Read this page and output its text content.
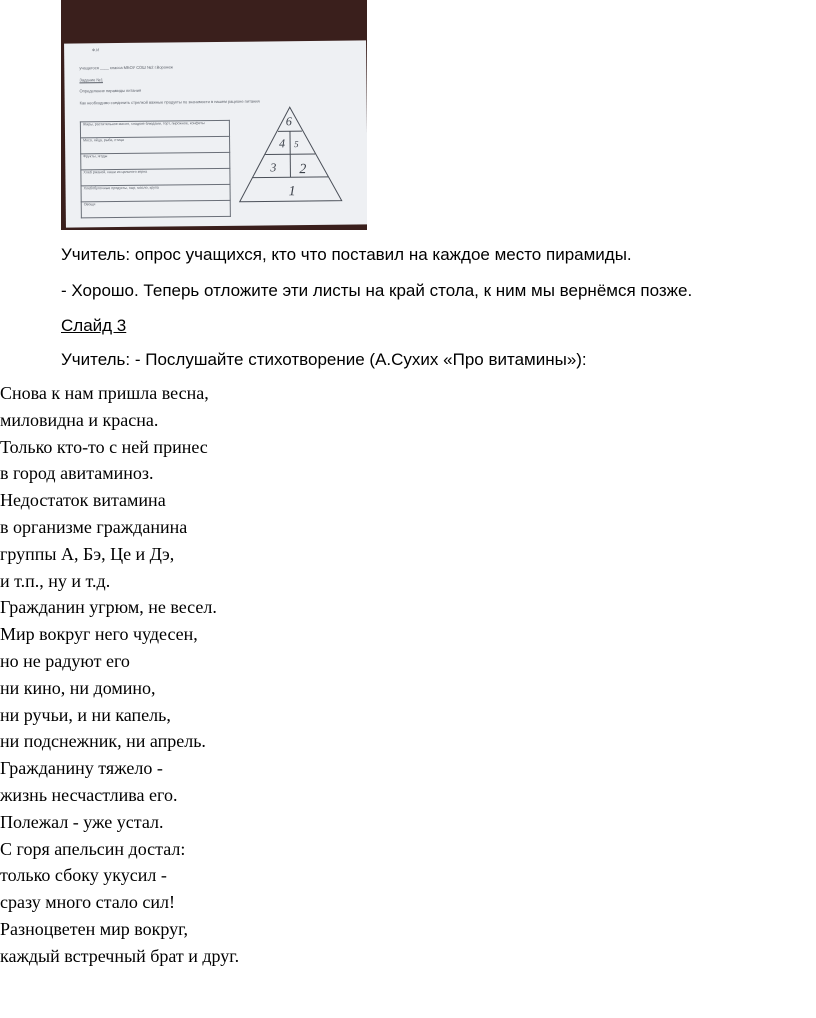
Ф.И
учащегося ____ класса МБОУ СОШ №2 г.Воронеж
Задание №1
Определение пирамиды питания
Как необходимо соединить стрелкой важные продукты по значимости в нашем рационе питания
Жиры, растительное масло, сладкие блюдами, торт, пирожное, конфеты
Мясо, яйца, рыба, птица
Фрукты, ягоды
Хлеб ржаной, каши из цельного зерна
Хлебобулочные продукты, сыр, масло, крупа
Овощи
6
4 5
3 2
1
Учитель: опрос учащихся, кто что поставил на каждое место пирамиды.
- Хорошо. Теперь отложите эти листы на край стола, к ним мы вернёмся позже.
Слайд 3
Учитель: - Послушайте стихотворение (А.Сухих «Про витамины»):
Снова к нам пришла весна,
миловидна и красна.
Только кто-то с ней принес
в город авитаминоз.
Недостаток витамина
в организме гражданина
группы А, Бэ, Це и Дэ,
и т.п., ну и т.д.
Гражданин угрюм, не весел.
Мир вокруг него чудесен,
но не радуют его
ни кино, ни домино,
ни ручьи, и ни капель,
ни подснежник, ни апрель.
Гражданину тяжело -
жизнь несчастлива его.
Полежал - уже устал.
С горя апельсин достал:
только сбоку укусил -
сразу много стало сил!
Разноцветен мир вокруг,
каждый встречный брат и друг.
